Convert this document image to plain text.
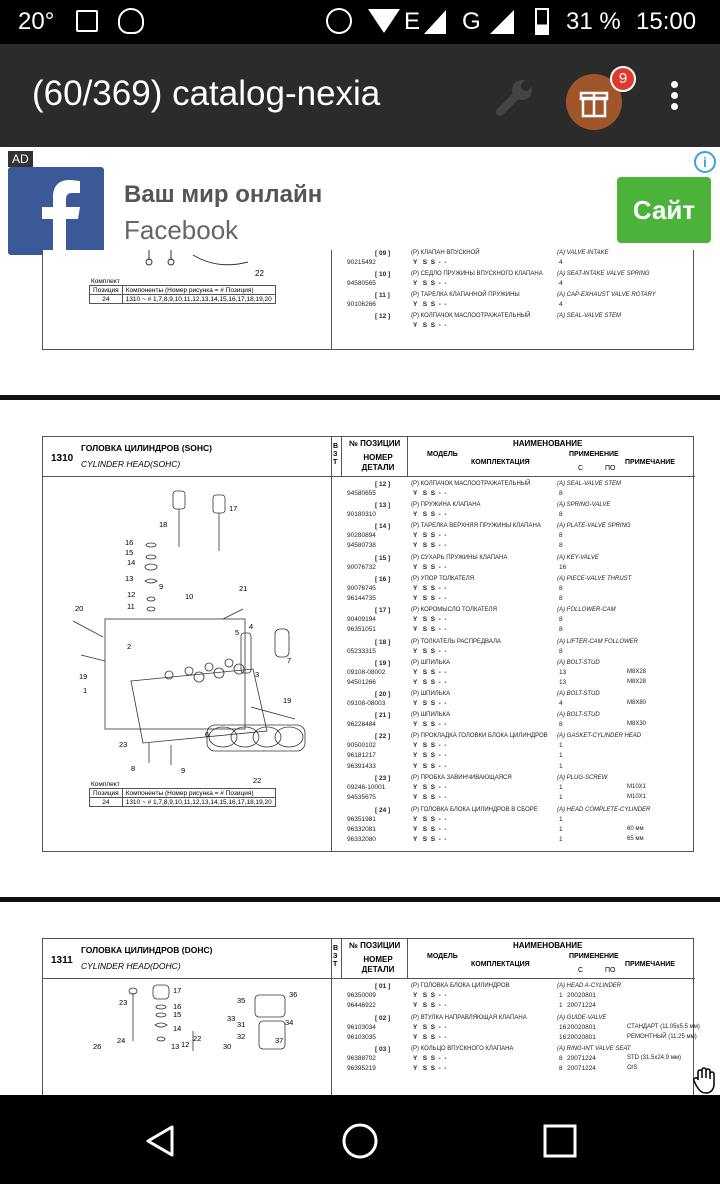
20°	E G	31 % 15:00
(60/369) catalog-nexia	9
AD
Ваш мир онлайн
Facebook
Сайт
i
22
Комплект
Позиция	Компоненты (Номер рисунка = # Позиция)
24	1310 ~ # 1,7,8,9,10,11,12,13,14,15,16,17,18,19,20
[ 09 ]
90215492
(P) КЛАПАН ВПУСКНОЙ	(A) VALVE-INTAKE
Y   S  S  -  -	4
[ 10 ]
94580565
(P) СЕДЛО ПРУЖИНЫ ВПУСКНОГО КЛАПАНА (A) SEAT-INTAKE VALVE SPRING
Y   S  S  -  -	4
[ 11 ]
90106266
(P) ТАРЕЛКА КЛАПАННОЙ ПРУЖИНЫ	(A) CAP-EXHAUST VALVE ROTARY
Y   S  S  -  -	4
[ 12 ]	(P) КОЛПАЧОК МАСЛООТРАЖАТЕЛЬНЫЙ	(A) SEAL-VALVE STEM
Y   S  S  -  -
1310
ГОЛОВКА ЦИЛИНДРОВ (SOHC)
CYLINDER HEAD(SOHC)
В
З
Т
№ ПОЗИЦИИ
НОМЕР ДЕТАЛИ
НАИМЕНОВАНИЕ
МОДЕЛЬ
КОМПЛЕКТАЦИЯ
ПРИМЕНЕНИЕ
С	ПО
ПРИМЕЧАНИЕ
18
17
16
15
14
13
12
11
10
9	21
20
2
5
4
3
7
19
1
19
23
6
8	9
22
Комплект
Позиция	Компоненты (Номер рисунка = # Позиция)
24	1310 ~ # 1,7,8,9,10,11,12,13,14,15,16,17,18,19,20
[ 12 ]
94580655
(P) КОЛПАЧОК МАСЛООТРАЖАТЕЛЬНЫЙ	(A) SEAL-VALVE STEM
Y   S  S  -  -	8
[ 13 ]
90180310
(P) ПРУЖИНА КЛАПАНА	(A) SPRING-VALVE
Y   S  S  -  -	8
[ 14 ]
90280894
(P) ТАРЕЛКА ВЕРХНЯЯ ПРУЖИНЫ КЛАПАНА	(A) PLATE-VALVE SPRING
Y   S  S  -  -	8
94580738	Y   S  S  -  -	8
[ 15 ]
90076732
(P) СУХАРЬ ПРУЖИНЫ КЛАПАНА	(A) KEY-VALVE
Y   S  S  -  -	16
[ 16 ]
90076745
(P) УПОР ТОЛКАТЕЛЯ	(A) PIECE-VALVE THRUST
Y   S  S  -  -	8
96144735	Y   S  S  -  -	8
[ 17 ]
90409194
(P) КОРОМЫСЛО ТОЛКАТЕЛЯ	(A) FOLLOWER-CAM
Y   S  S  -  -	8
96351051	Y   S  S  -  -	8
[ 18 ]
05233315
(P) ТОЛКАТЕЛЬ РАСПРЕДВАЛА	(A) LIFTER-CAM FOLLOWER
Y   S  S  -  -	8
[ 19 ]
09108-08002
(P) ШПИЛЬКА	(A) BOLT-STUD
Y   S  S  -  -	13	M8X28
94501266	Y   S  S  -  -	13	M8X28
[ 20 ]
09108-08003
(P) ШПИЛЬКА	(A) BOLT-STUD
Y   S  S  -  -	4	M8X80
[ 21 ]
96228484
(P) ШПИЛЬКА	(A) BOLT-STUD
Y   S  S  -  -	8	M8X30
[ 22 ]
90500102
(P) ПРОКЛАДКА ГОЛОВКИ БЛОКА ЦИЛИНДРОВ (A) GASKET-CYLINDER HEAD
Y   S  S  -  -	1
96181217	Y   S  S  -  -	1
96391433	Y   S  S  -  -	1
[ 23 ]
09246-10001
(P) ПРОБКА ЗАВИНЧИВАЮЩАЯСЯ	(A) PLUG-SCREW
Y   S  S  -  -	1	M10X1
94535675	Y   S  S  -  -	1	M10X1
[ 24 ]
96351981
(P) ГОЛОВКА БЛОКА ЦИЛИНДРОВ В СБОРЕ	(A) HEAD COMPLETE-CYLINDER
Y   S  S  -  -	1
96332081	Y   S  S  -  -	1	60 мм
96332080	Y   S  S  -  -	1	65 мм
1311
ГОЛОВКА ЦИЛИНДРОВ (DOHC)
CYLINDER HEAD(DOHC)
В
З
Т
№ ПОЗИЦИИ
НОМЕР ДЕТАЛИ
НАИМЕНОВАНИЕ
МОДЕЛЬ
КОМПЛЕКТАЦИЯ
ПРИМЕНЕНИЕ
С	ПО
ПРИМЕЧАНИЕ
23
17
16
15
14
13
24
26
35
36
33
31	34
32	37
30
22
12
[ 01 ]
96350009
(P) ГОЛОВКА БЛОКА ЦИЛИНДРОВ	(A) HEAD A-CYLINDER
Y   S  S  -  -	1 20020801
96446922	Y   S  S  -  -	1 20071224
[ 02 ]
96103034
(P) ВТУЛКА НАПРАВЛЯЮЩАЯ КЛАПАНА	(A) GUIDE-VALVE
Y   S  S  -  -	16 20020801	СТАНДАРТ (11.05x5.5 мм)
96103035	Y   S  S  -  -	16 20020801	РЕМОНТНЫЙ (11.25 мм)
[ 03 ]
96388702
(P) КОЛЬЦО ВПУСКНОГО КЛАПАНА	(A) RING-INT VALVE SEAT
Y   S  S  -  -	8 20071224	STD (31.5x24.9 мм)
96395219	Y   S  S  -  -	8 20071224	O/S
